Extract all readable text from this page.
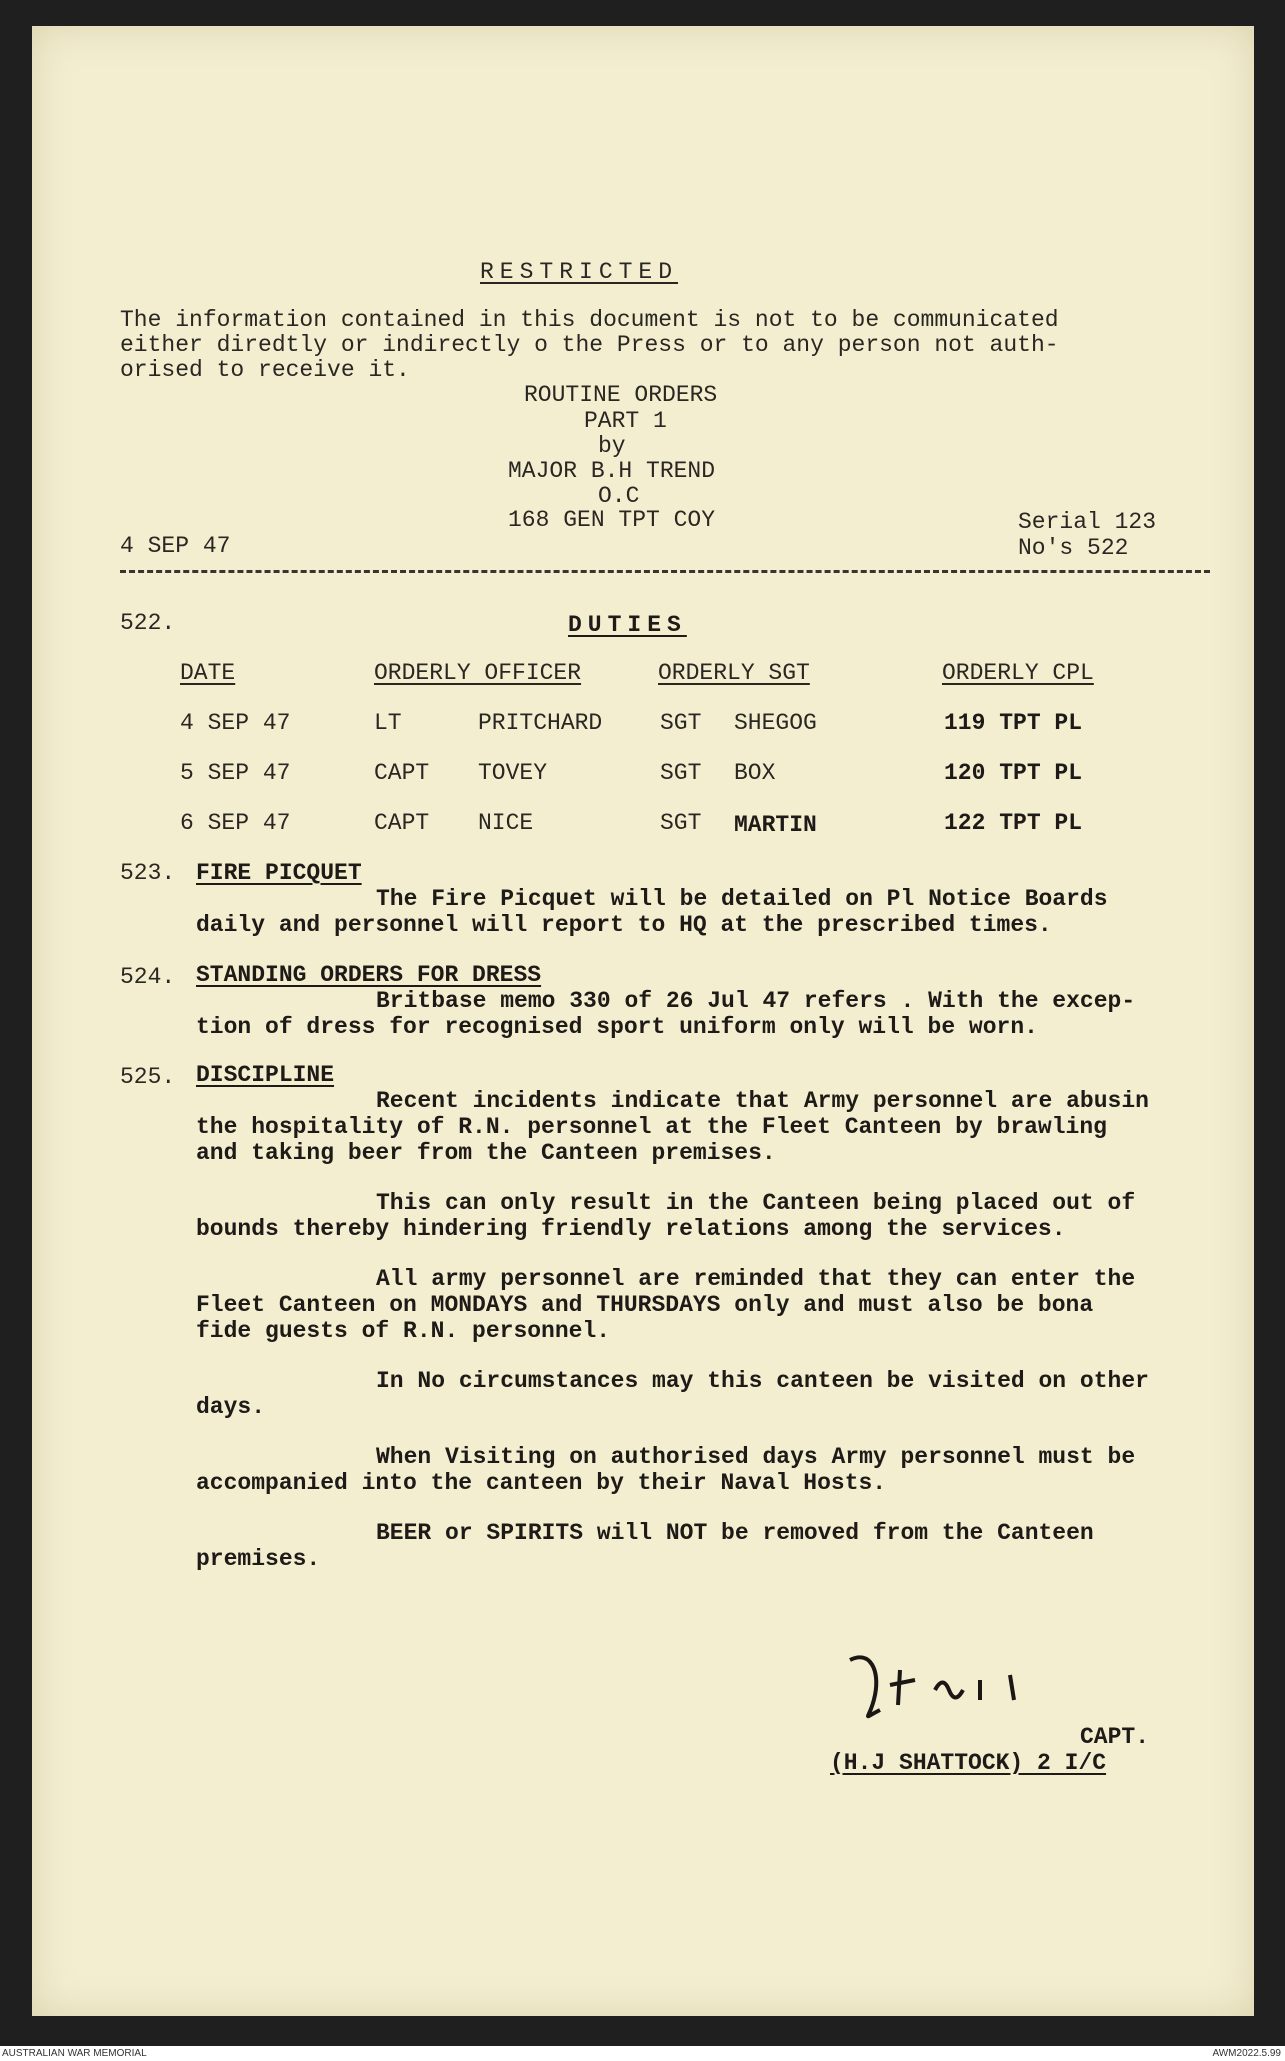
RESTRICTED
The information contained in this document is not to be communicated
either diredtly or indirectly o the Press or to any person not auth-
orised to receive it.
ROUTINE ORDERS
PART 1
by
MAJOR B.H TREND
O.C
168 GEN TPT COY
4 SEP 47
Serial 123
No's 522
522.	DUTIES
DATE	ORDERLY OFFICER	ORDERLY SGT	ORDERLY CPL
4 SEP 47	LT	PRITCHARD	SGT SHEGOG	119 TPT PL
5 SEP 47	CAPT TOVEY	SGT BOX	120 TPT PL
6 SEP 47	CAPT NICE	SGT MARTIN	122 TPT PL
523. FIRE PICQUET
The Fire Picquet will be detailed on Pl Notice Boards
daily and personnel will report to HQ at the prescribed times.
524. STANDING ORDERS FOR DRESS
Britbase memo 330 of 26 Jul 47 refers . With the excep-
tion of dress for recognised sport uniform only will be worn.
525. DISCIPLINE
Recent incidents indicate that Army personnel are abusin
the hospitality of R.N. personnel at the Fleet Canteen by brawling
and taking beer from the Canteen premises.
This can only result in the Canteen being placed out of
bounds thereby hindering friendly relations among the services.
All army personnel are reminded that they can enter the
Fleet Canteen on MONDAYS and THURSDAYS only and must also be bona
fide guests of R.N. personnel.
In No circumstances may this canteen be visited on other
days.
When Visiting on authorised days Army personnel must be
accompanied into the canteen by their Naval Hosts.
BEER or SPIRITS will NOT be removed from the Canteen
premises.
CAPT.
(H.J SHATTOCK) 2 I/C
AUSTRALIAN WAR MEMORIAL	AWM2022.5.99
